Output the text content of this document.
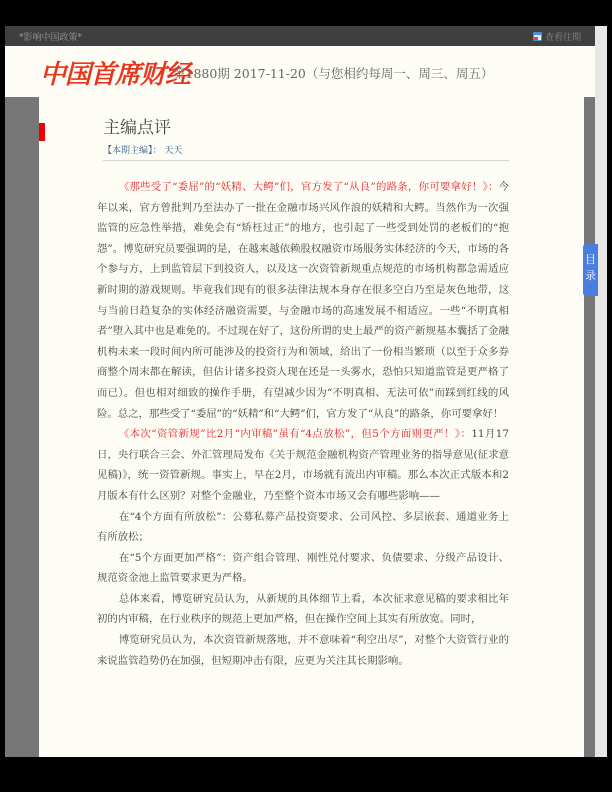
*影响中国政策*	查看往期
中国首席财经
第1880期 2017-11-20（与您相约每周一、周三、周五）
主编点评
【本期主编】： 天天

《那些受了“委屈”的“妖精、大鳄”们，官方发了“从良”的路条，你可要拿好！》：今年以来，官方曾批判乃至法办了一批在金融市场兴风作浪的妖精和大鳄。当然作为一次强监管的应急性举措，难免会有“矫枉过正”的地方，也引起了一些受到处罚的老板们的“抱怨”。博览研究员要强调的是，在越来越依赖股权融资市场服务实体经济的今天，市场的各个参与方，上到监管层下到投资人，以及这一次资管新规重点规范的市场机构都急需适应新时期的游戏规则。毕竟我们现有的很多法律法规本身存在很多空白乃至是灰色地带，这与当前日趋复杂的实体经济融资需要，与金融市场的高速发展不相适应。一些“不明真相者”堕入其中也是难免的。不过现在好了，这份所谓的史上最严的资产新规基本囊括了金融机构未来一段时间内所可能涉及的投资行为和领域，给出了一份相当繁琐（以至于众多券商整个周末都在解读，但估计诸多投资人现在还是一头雾水，恐怕只知道监管是更严格了而已）。但也相对细致的操作手册，有望减少因为“不明真相、无法可依”而踩到红线的风险。总之，那些受了“委屈”的“妖精”和“大鳄”们，官方发了“从良”的路条，你可要拿好！

《本次“资管新规”比2月“内审稿”虽有“4点放松”，但5个方面则更严！》：11月17日，央行联合三会、外汇管理局发布《关于规范金融机构资产管理业务的指导意见(征求意见稿)》，统一资管新规。事实上，早在2月，市场就有流出内审稿。那么本次正式版本和2月版本有什么区别？对整个金融业，乃至整个资本市场又会有哪些影响——

在“4个方面有所放松”：公募私募产品投资要求、公司风控、多层嵌套、通道业务上有所放松；

在“5个方面更加严格”：资产组合管理、刚性兑付要求、负债要求、分级产品设计、规范资金池上监管要求更为严格。

总体来看，博览研究员认为，从新规的具体细节上看，本次征求意见稿的要求相比年初的内审稿，在行业秩序的规范上更加严格，但在操作空间上其实有所放宽。同时，

博览研究员认为，本次资管新规落地，并不意味着“利空出尽”，对整个大资管行业的来说监管趋势仍在加强，但短期冲击有限，应更为关注其长期影响。

目
录
